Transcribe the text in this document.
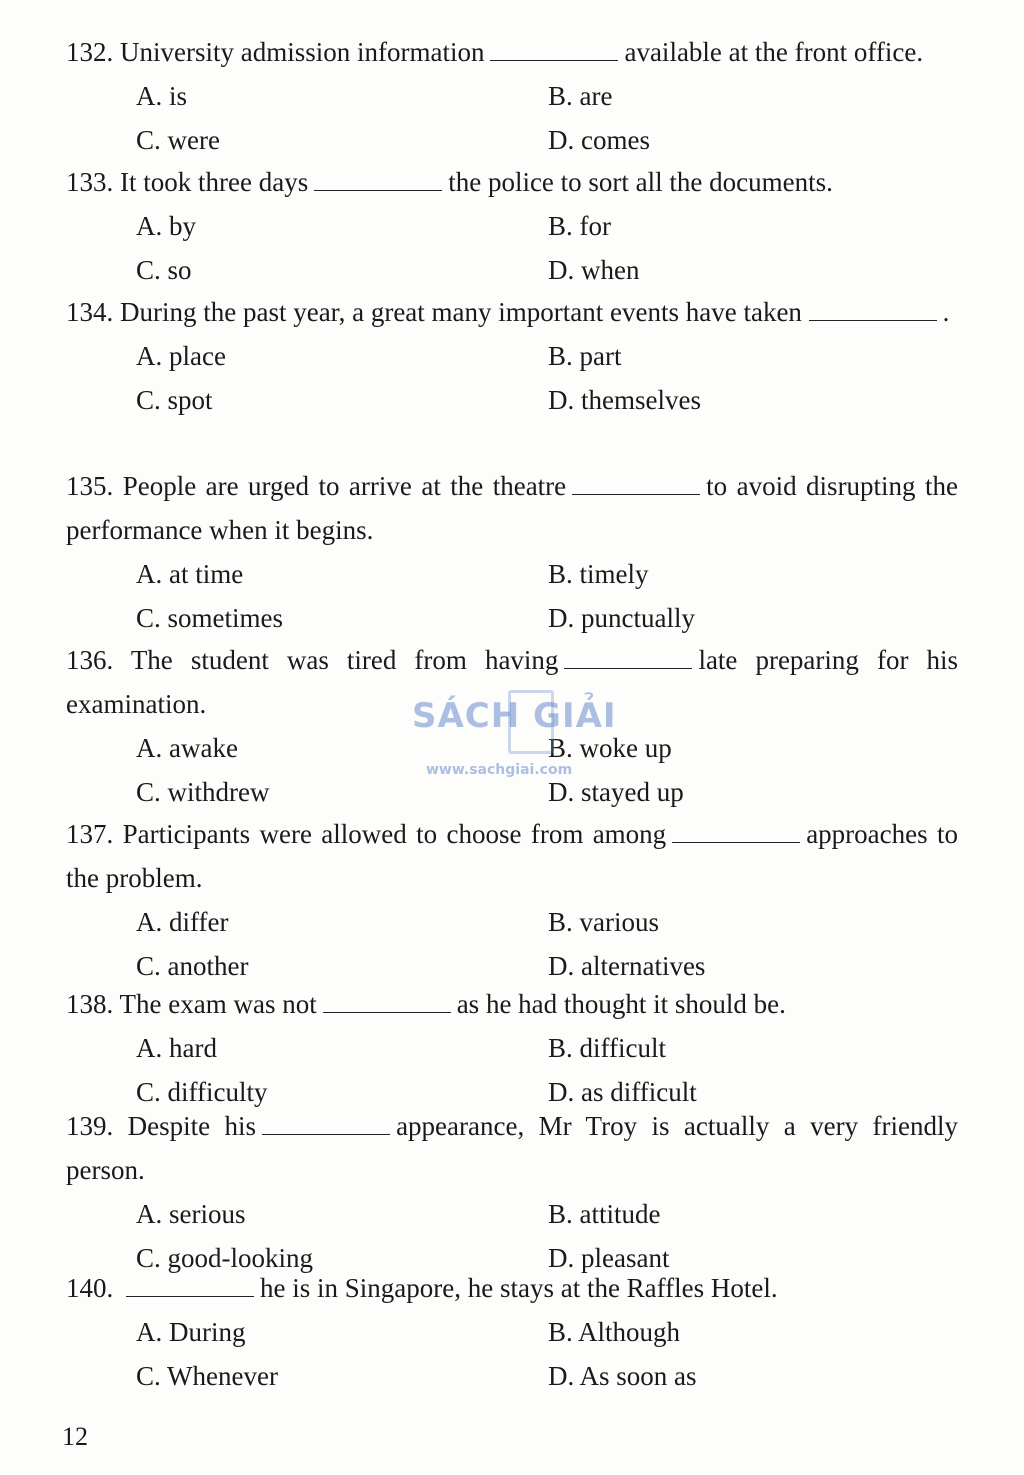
132. University admission information	available at the front office.

A. is	B. are
C. were	D. comes

133. It took three days	the police to sort all the documents.

A. by	B. for
C. so	D. when

134. During the past year, a great many important events have taken	.

A. place	B. part
C. spot	D. themselves

135. People are urged to arrive at the theatre	to avoid disrupting the performance when it begins.

A. at time	B. timely
C. sometimes	D. punctually

136. The student was tired from having	late preparing for his examination.

A. awake	B. woke up
C. withdrew	D. stayed up

137. Participants were allowed to choose from among	approaches to the problem.

A. differ	B. various
C. another	D. alternatives

138. The exam was not	as he had thought it should be.

A. hard	B. difficult
C. difficulty	D. as difficult

139. Despite his	appearance, Mr Troy is actually a very friendly person.

A. serious	B. attitude
C. good-looking	D. pleasant

140.	he is in Singapore, he stays at the Raffles Hotel.

A. During	B. Although
C. Whenever	D. As soon as
SÁCH GIẢI
www.sachgiai.com
12
